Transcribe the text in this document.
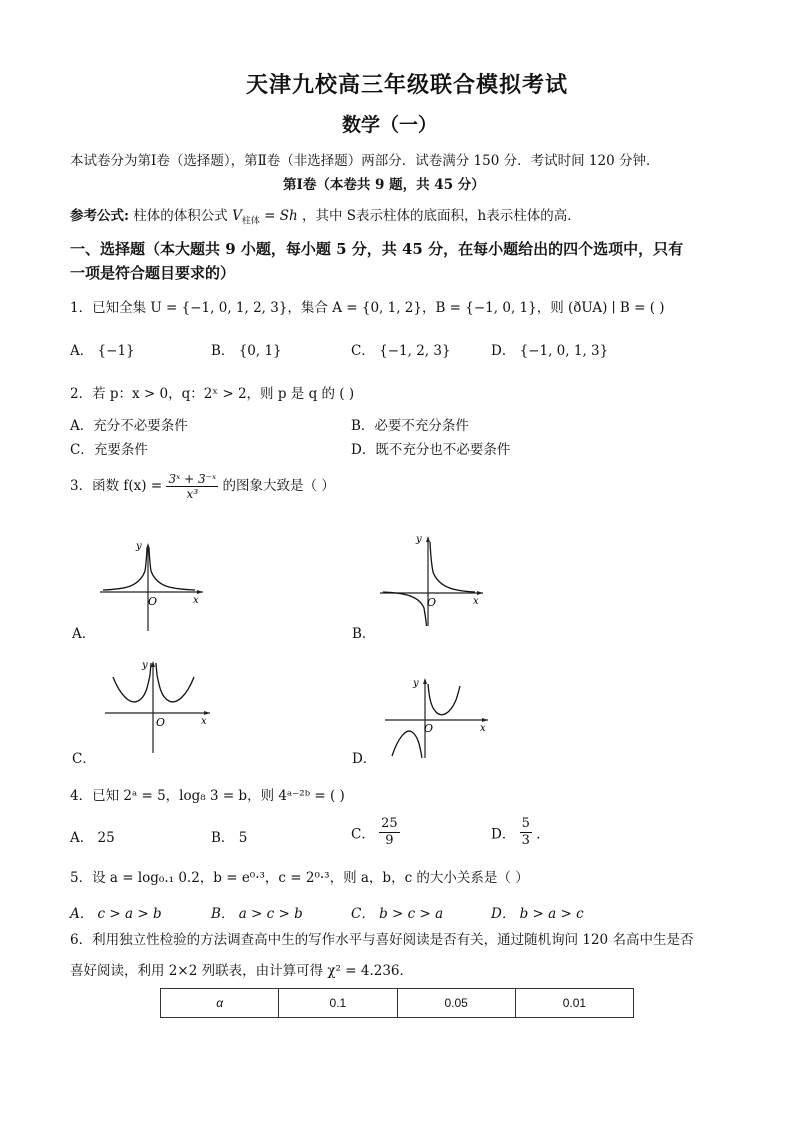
天津九校高三年级联合模拟考试
数学（一）
本试卷分为第Ⅰ卷（选择题），第Ⅱ卷（非选择题）两部分．试卷满分 150 分．考试时间 120 分钟．
第Ⅰ卷（本卷共 9 题，共 45 分）
参考公式: 柱体的体积公式 $V_{柱体} = Sh$ ，其中 S表示柱体的底面积，h表示柱体的高．
一、选择题（本大题共 9 小题，每小题 5 分，共 45 分，在每小题给出的四个选项中，只有
一项是符合题目要求的）
1．已知全集 U = {−1, 0, 1, 2, 3}，集合 A = {0, 1, 2}，B = {−1, 0, 1}，则 (ðUA) ∣ B = ( )
A． {−1}	B． {0, 1}	C． {−1, 2, 3}	D． {−1, 0, 1, 3}
2．若 p：x > 0，q：2ˣ > 2，则 p 是 q 的 ( )
A．充分不必要条件	B．必要不充分条件
C．充要条件	D．既不充分也不必要条件
3．函数 $f(x) = \frac{\text{3ˣ + 3⁻ˣ}}{\text{x³}}$ 的图象大致是（ ）
y
x
O
A．
y
x
O
B．
y
x
O
C．
y
x
O
D．
4．已知 2ᵃ = 5，log₈ 3 = b，则 4ᵃ⁻²ᵇ = ( )
A． 25	B． 5	C． $\frac{25}{9}$	D． $\frac{5}{3}$ ．
5．设 a = log₀.₁ 0.2，b = e⁰·³，c = 2⁰·³，则 a，b，c 的大小关系是（ ）
A． c > a > b	B． a > c > b	C． b > c > a	D． b > a > c
6．利用独立性检验的方法调查高中生的写作水平与喜好阅读是否有关，通过随机询问 120 名高中生是否
喜好阅读，利用 2×2 列联表，由计算可得 χ² = 4.236．
α	0.1	0.05	0.01
